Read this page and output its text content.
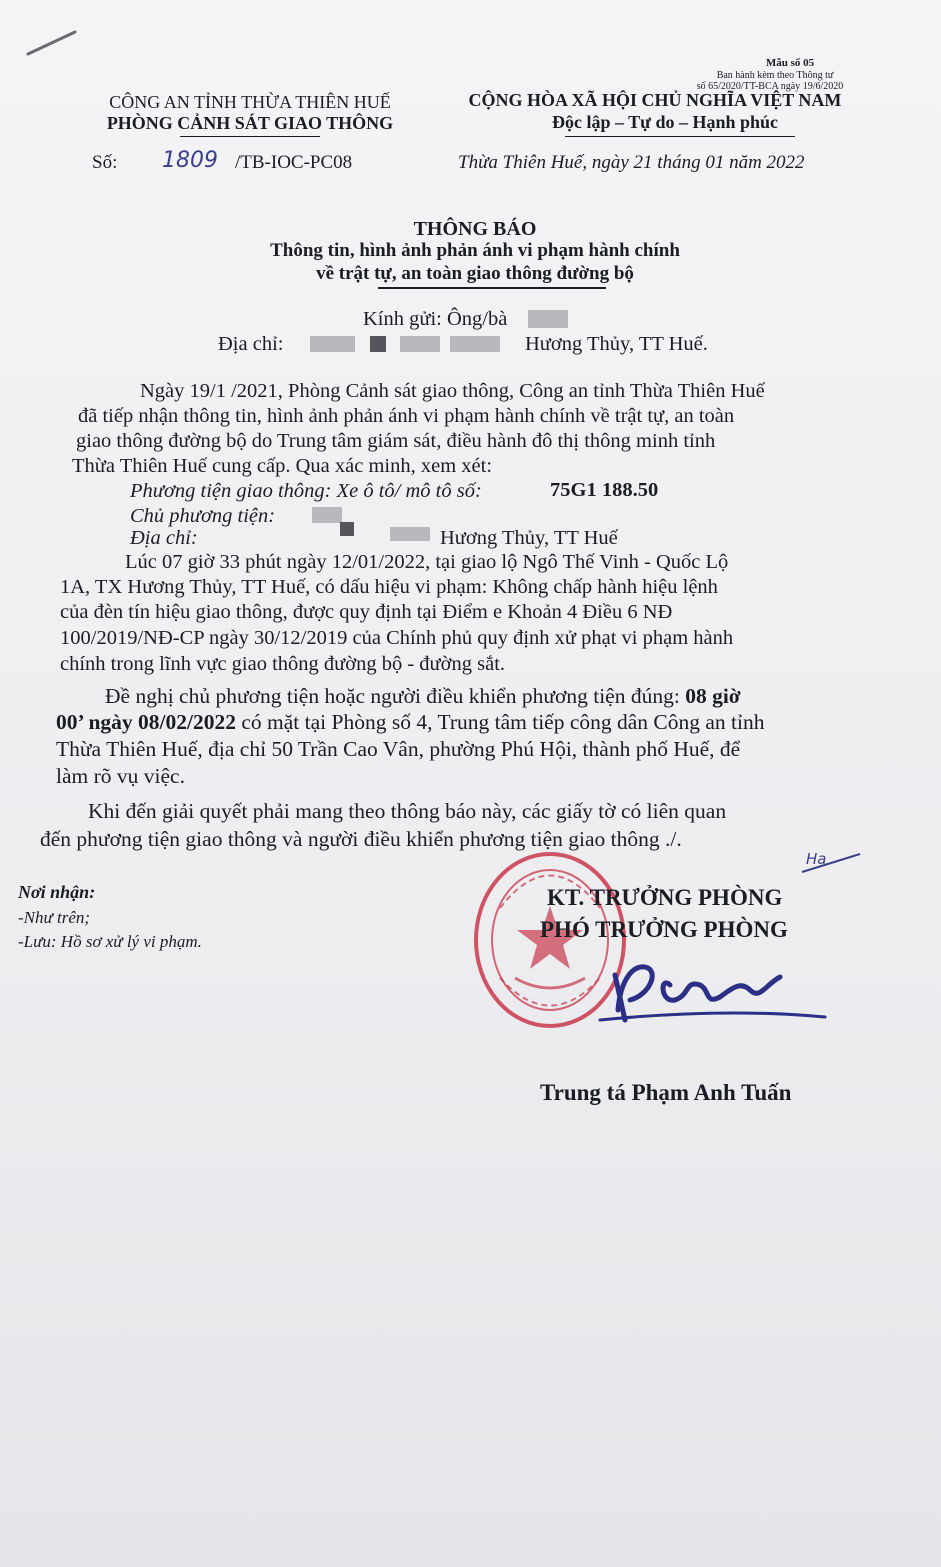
Mẫu số 05
Ban hành kèm theo Thông tư
số 65/2020/TT-BCA ngày 19/6/2020
CÔNG AN TỈNH THỪA THIÊN HUẾ
PHÒNG CẢNH SÁT GIAO THÔNG
CỘNG HÒA XÃ HỘI CHỦ NGHĨA VIỆT NAM
Độc lập – Tự do – Hạnh phúc
Số: 1809 /TB-IOC-PC08	Thừa Thiên Huế, ngày 21 tháng 01 năm 2022
THÔNG BÁO
Thông tin, hình ảnh phản ánh vi phạm hành chính
về trật tự, an toàn giao thông đường bộ
Kính gửi: Ông/bà
Địa chỉ:	Hương Thủy, TT Huế.
Ngày 19/1 /2021, Phòng Cảnh sát giao thông, Công an tỉnh Thừa Thiên Huế
đã tiếp nhận thông tin, hình ảnh phản ánh vi phạm hành chính về trật tự, an toàn
giao thông đường bộ do Trung tâm giám sát, điều hành đô thị thông minh tỉnh
Thừa Thiên Huế cung cấp. Qua xác minh, xem xét:
Phương tiện giao thông: Xe ô tô/ mô tô số:	75G1 188.50
Chủ phương tiện:
Địa chỉ:	Hương Thủy, TT Huế
Lúc 07 giờ 33 phút ngày 12/01/2022, tại giao lộ Ngô Thế Vinh - Quốc Lộ
1A, TX Hương Thủy, TT Huế, có dấu hiệu vi phạm: Không chấp hành hiệu lệnh
của đèn tín hiệu giao thông, được quy định tại Điểm e Khoản 4 Điều 6 NĐ
100/2019/NĐ-CP ngày 30/12/2019 của Chính phủ quy định xử phạt vi phạm hành
chính trong lĩnh vực giao thông đường bộ - đường sắt.
Đề nghị chủ phương tiện hoặc người điều khiển phương tiện đúng: 08 giờ
00’ ngày 08/02/2022 có mặt tại Phòng số 4, Trung tâm tiếp công dân Công an tỉnh
Thừa Thiên Huế, địa chỉ 50 Trần Cao Vân, phường Phú Hội, thành phố Huế, để
làm rõ vụ việc.
Khi đến giải quyết phải mang theo thông báo này, các giấy tờ có liên quan
đến phương tiện giao thông và người điều khiển phương tiện giao thông ./.
Nơi nhận:
-Như trên;
-Lưu: Hồ sơ xử lý vi phạm.
KT. TRƯỞNG PHÒNG
PHÓ TRƯỞNG PHÒNG
Ha
Trung tá Phạm Anh Tuấn
